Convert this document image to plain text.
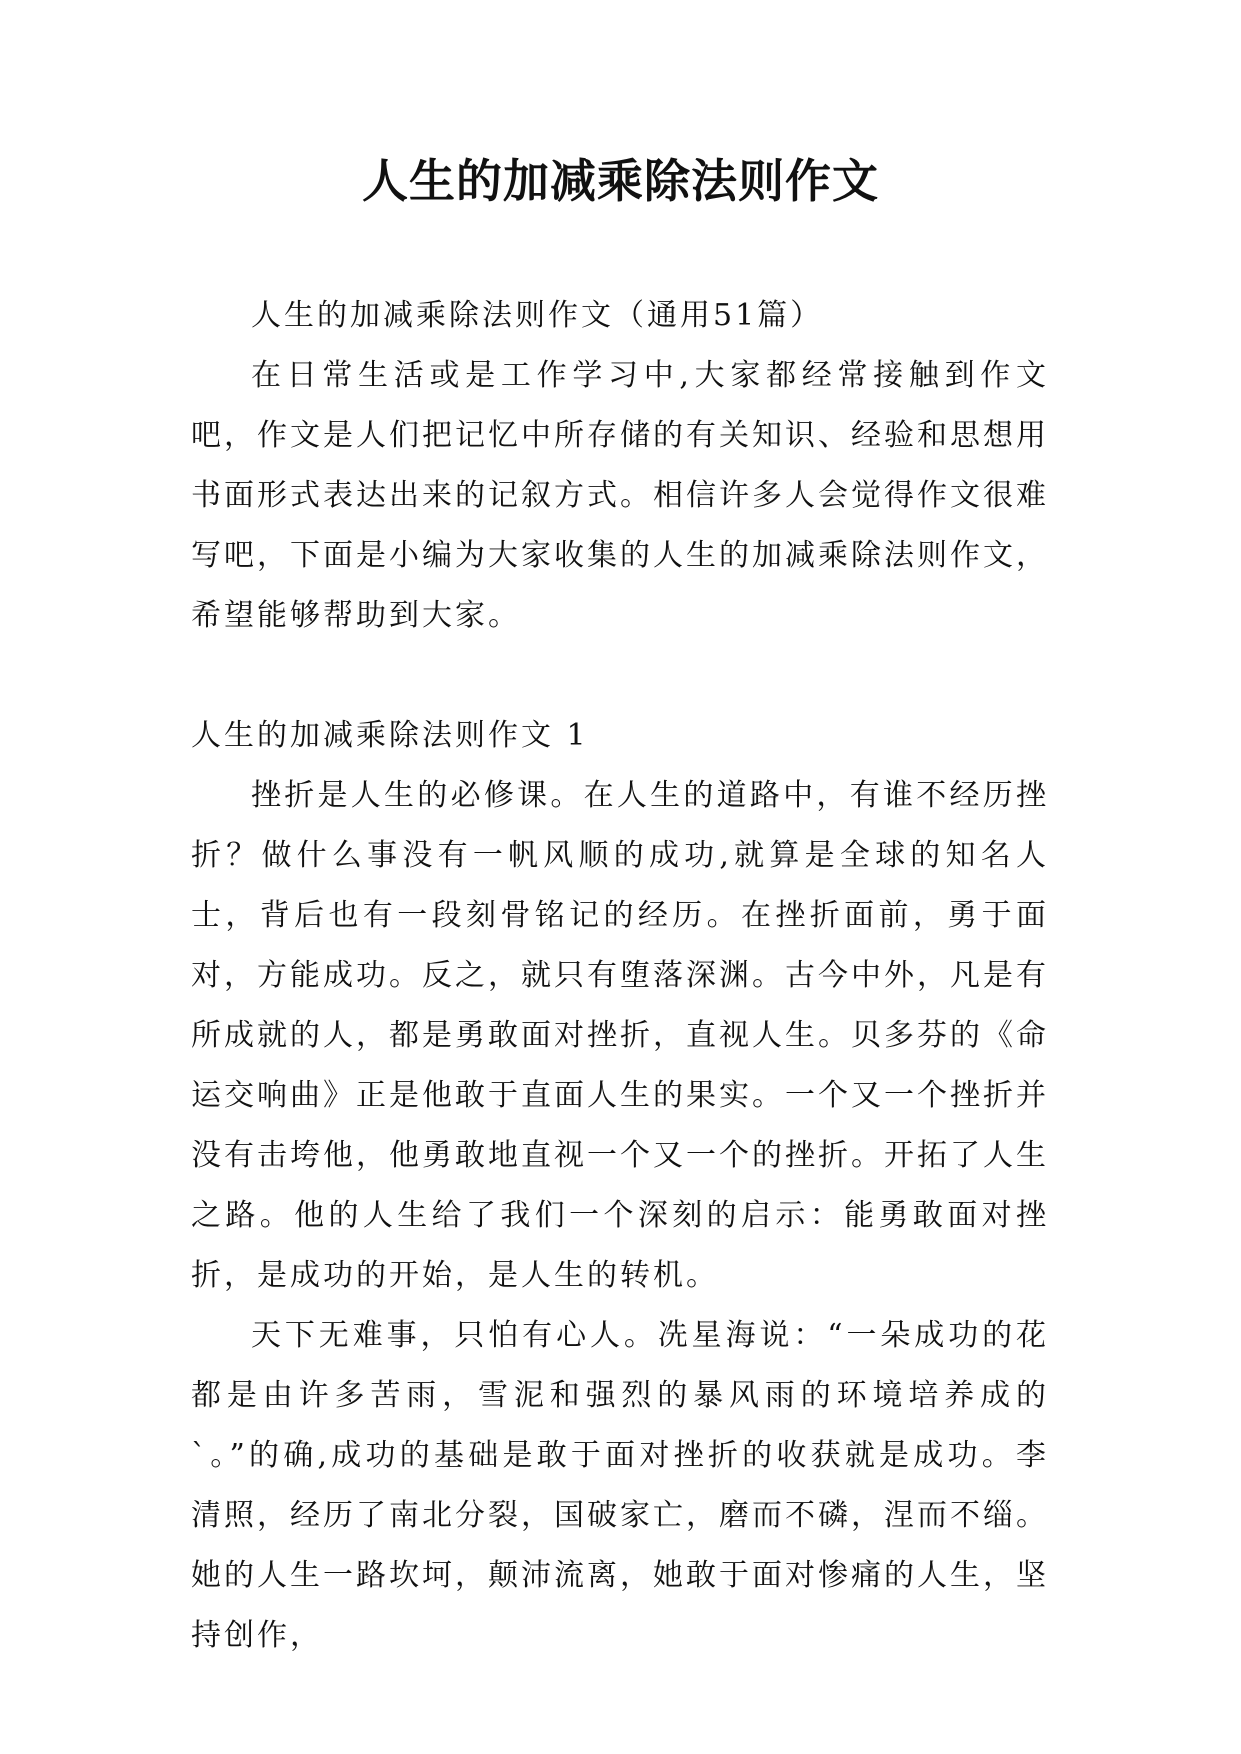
人生的加减乘除法则作文

人生的加减乘除法则作文（通用51篇）

在日常生活或是工作学习中,大家都经常接触到作文吧，作文是人们把记忆中所存储的有关知识、经验和思想用书面形式表达出来的记叙方式。相信许多人会觉得作文很难写吧，下面是小编为大家收集的人生的加减乘除法则作文，希望能够帮助到大家。

人生的加减乘除法则作文 1

挫折是人生的必修课。在人生的道路中，有谁不经历挫折？做什么事没有一帆风顺的成功,就算是全球的知名人士，背后也有一段刻骨铭记的经历。在挫折面前，勇于面对，方能成功。反之，就只有堕落深渊。古今中外，凡是有所成就的人，都是勇敢面对挫折，直视人生。贝多芬的《命运交响曲》正是他敢于直面人生的果实。一个又一个挫折并没有击垮他，他勇敢地直视一个又一个的挫折。开拓了人生之路。他的人生给了我们一个深刻的启示：能勇敢面对挫折，是成功的开始，是人生的转机。

天下无难事，只怕有心人。冼星海说：“一朵成功的花都是由许多苦雨，雪泥和强烈的暴风雨的环境培养成的`。”的确,成功的基础是敢于面对挫折的收获就是成功。李清照，经历了南北分裂，国破家亡，磨而不磷，涅而不缁。她的人生一路坎坷，颠沛流离，她敢于面对惨痛的人生，坚持创作，
